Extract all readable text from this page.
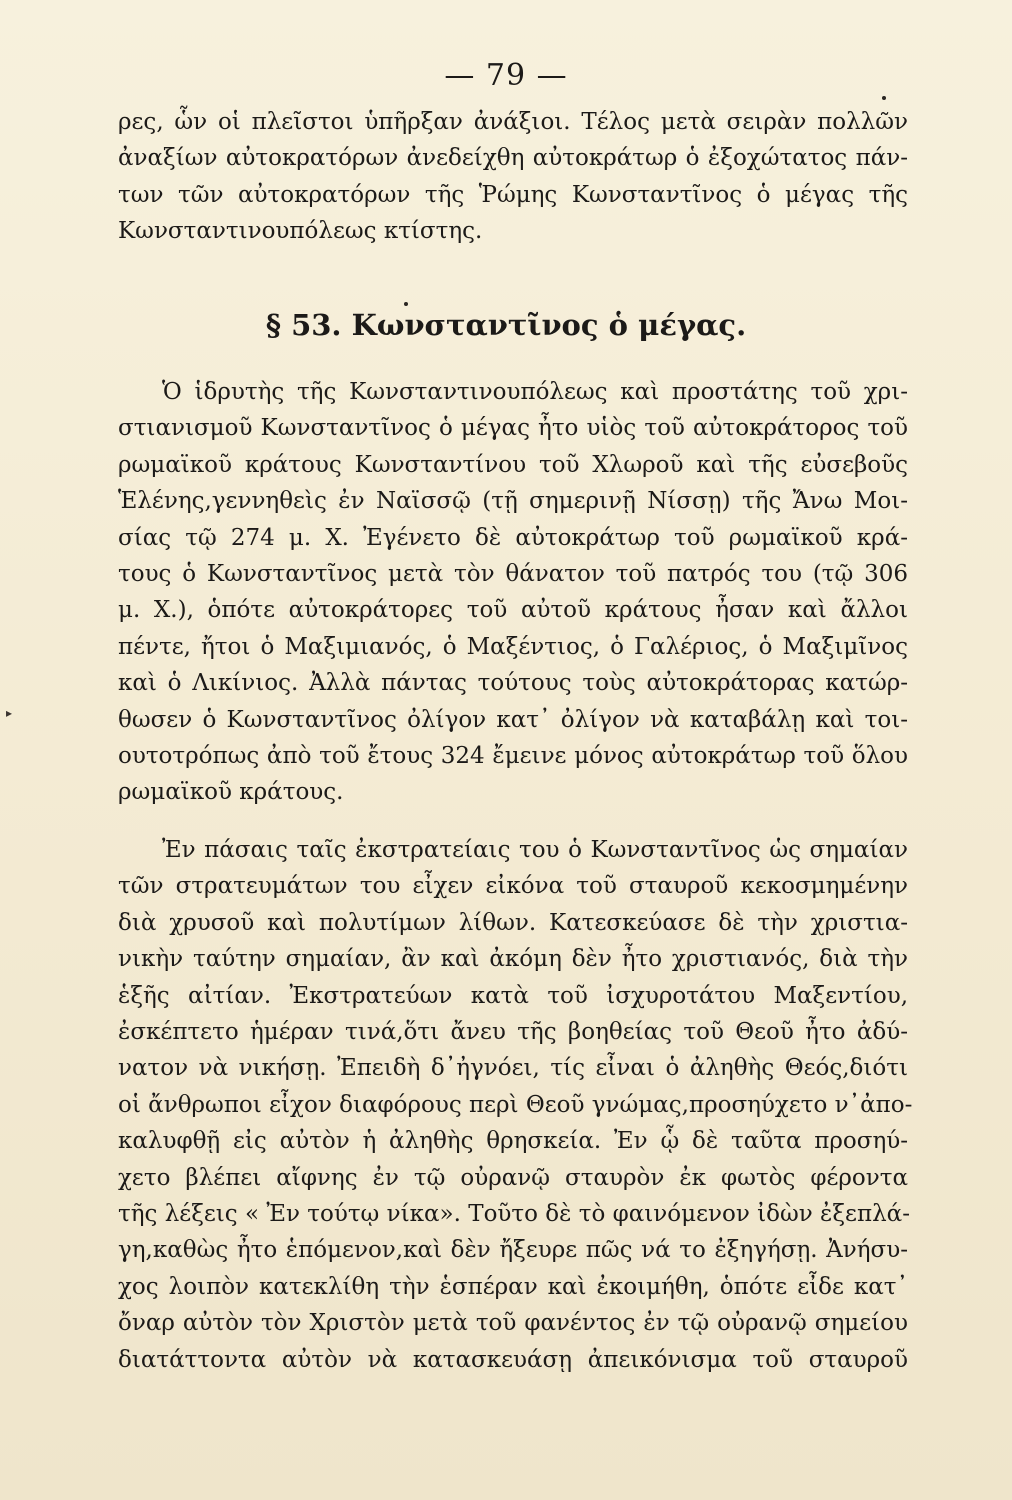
— 79 —
ρες, ὧν οἱ πλεῖστοι ὑπῆρξαν ἀνάξιοι. Τέλος μετὰ σειρὰν πολλῶν
ἀναξίων αὐτοκρατόρων ἀνεδείχθη αὐτοκράτωρ ὁ ἐξοχώτατος πάν-
των τῶν αὐτοκρατόρων τῆς Ῥώμης Κωνσταντῖνος ὁ μέγας τῆς
Κωνσταντινουπόλεως κτίστης.
§ 53. Κωνσταντῖνος ὁ μέγας.
Ὁ ἱδρυτὴς τῆς Κωνσταντινουπόλεως καὶ προστάτης τοῦ χρι-
στιανισμοῦ Κωνσταντῖνος ὁ μέγας ἦτο υἱὸς τοῦ αὐτοκράτορος τοῦ
ρωμαϊκοῦ κράτους Κωνσταντίνου τοῦ Χλωροῦ καὶ τῆς εὐσεβοῦς
Ἑλένης,γεννηθεὶς ἐν Ναϊσσῷ (τῇ σημερινῇ Νίσσῃ) τῆς Ἄνω Μοι-
σίας τῷ 274 μ. Χ. Ἐγένετο δὲ αὐτοκράτωρ τοῦ ρωμαϊκοῦ κρά-
τους ὁ Κωνσταντῖνος μετὰ τὸν θάνατον τοῦ πατρός του (τῷ 306
μ. Χ.), ὁπότε αὐτοκράτορες τοῦ αὐτοῦ κράτους ἦσαν καὶ ἄλλοι
πέντε, ἤτοι ὁ Μαξιμιανός, ὁ Μαξέντιος, ὁ Γαλέριος, ὁ Μαξιμῖνος
καὶ ὁ Λικίνιος. Ἀλλὰ πάντας τούτους τοὺς αὐτοκράτορας κατώρ-
θωσεν ὁ Κωνσταντῖνος ὀλίγον κατ᾽ ὀλίγον νὰ καταβάλῃ καὶ τοι-
ουτοτρόπως ἀπὸ τοῦ ἔτους 324 ἔμεινε μόνος αὐτοκράτωρ τοῦ ὅλου
ρωμαϊκοῦ κράτους.
Ἐν πάσαις ταῖς ἐκστρατείαις του ὁ Κωνσταντῖνος ὡς σημαίαν
τῶν στρατευμάτων του εἶχεν εἰκόνα τοῦ σταυροῦ κεκοσμημένην
διὰ χρυσοῦ καὶ πολυτίμων λίθων. Κατεσκεύασε δὲ τὴν χριστια-
νικὴν ταύτην σημαίαν, ἂν καὶ ἀκόμη δὲν ἦτο χριστιανός, διὰ τὴν
ἑξῆς αἰτίαν. Ἐκστρατεύων κατὰ τοῦ ἰσχυροτάτου Μαξεντίου,
ἐσκέπτετο ἡμέραν τινά,ὅτι ἄνευ τῆς βοηθείας τοῦ Θεοῦ ἦτο ἀδύ-
νατον νὰ νικήσῃ. Ἐπειδὴ δ᾽ἠγνόει, τίς εἶναι ὁ ἀληθὴς Θεός,διότι
οἱ ἄνθρωποι εἶχον διαφόρους περὶ Θεοῦ γνώμας,προσηύχετο ν᾽ἀπο-
καλυφθῇ εἰς αὐτὸν ἡ ἀληθὴς θρησκεία. Ἐν ᾧ δὲ ταῦτα προσηύ-
χετο βλέπει αἴφνης ἐν τῷ οὐρανῷ σταυρὸν ἐκ φωτὸς φέροντα
τῆς λέξεις « Ἐν τούτῳ νίκα». Τοῦτο δὲ τὸ φαινόμενον ἰδὼν ἐξεπλά-
γη,καθὼς ἦτο ἑπόμενον,καὶ δὲν ἤξευρε πῶς νά το ἐξηγήσῃ. Ἀνήσυ-
χος λοιπὸν κατεκλίθη τὴν ἑσπέραν καὶ ἐκοιμήθη, ὁπότε εἶδε κατ᾽
ὄναρ αὐτὸν τὸν Χριστὸν μετὰ τοῦ φανέντος ἐν τῷ οὐρανῷ σημείου
διατάττοντα αὐτὸν νὰ κατασκευάσῃ ἀπεικόνισμα τοῦ σταυροῦ
▸
